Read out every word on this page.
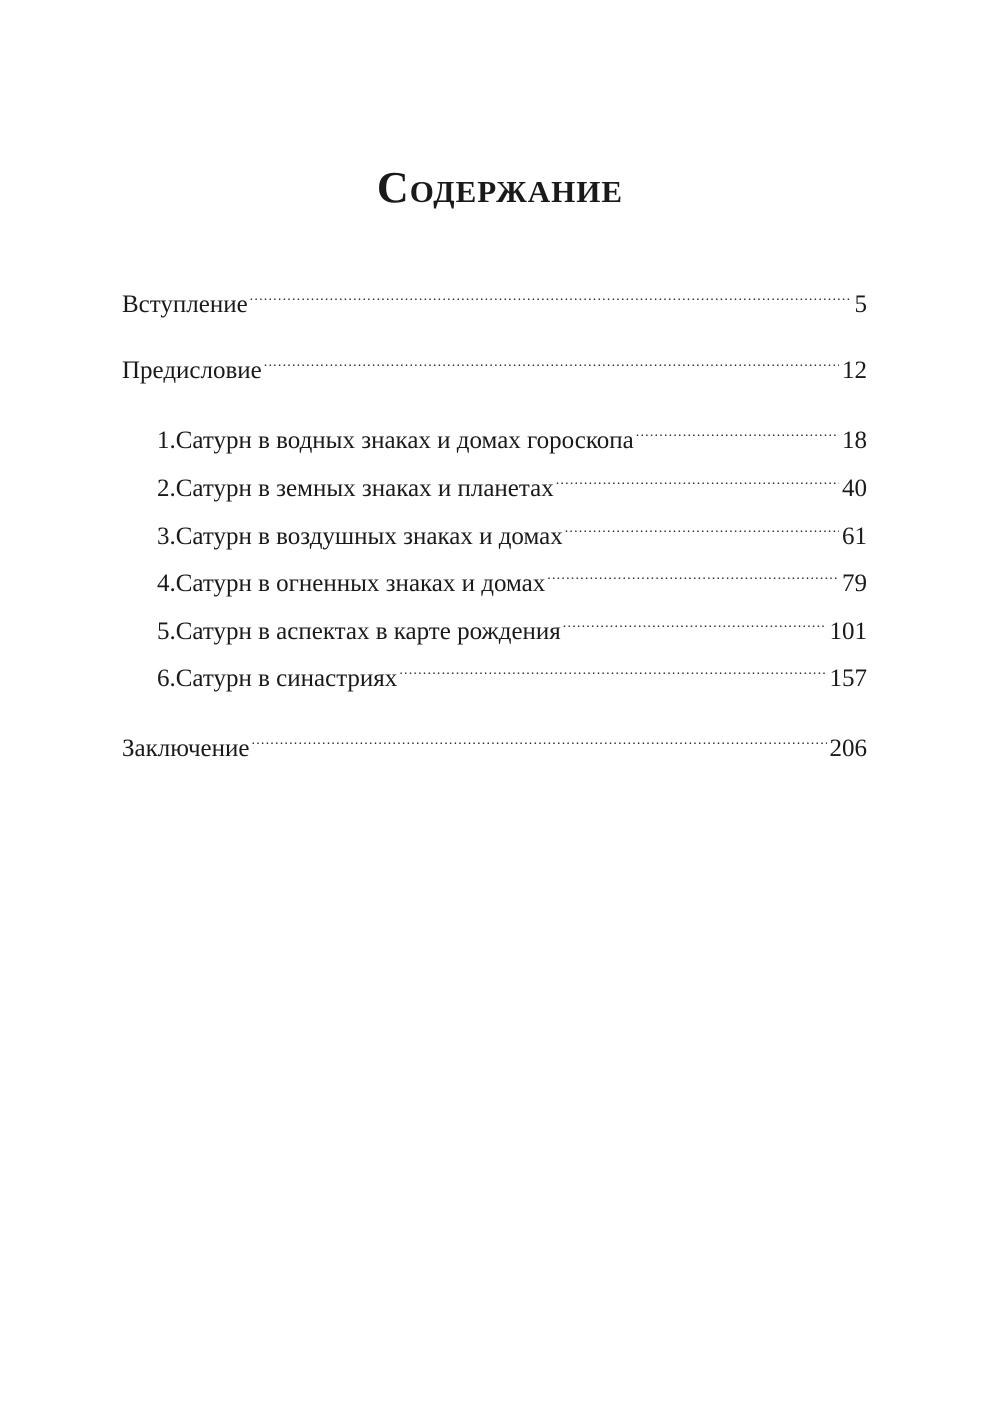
Содержание
Вступление .....	5
Предисловие .....	12
1.Сатурн в водных знаках и домах гороскопа .....	18
2.Сатурн в земных знаках и планетах .....	40
3.Сатурн в воздушных знаках и домах .....	61
4.Сатурн в огненных знаках и домах .....	79
5.Сатурн в аспектах в карте рождения .....	101
6.Сатурн в синастриях .....	157
Заключение .....	206
